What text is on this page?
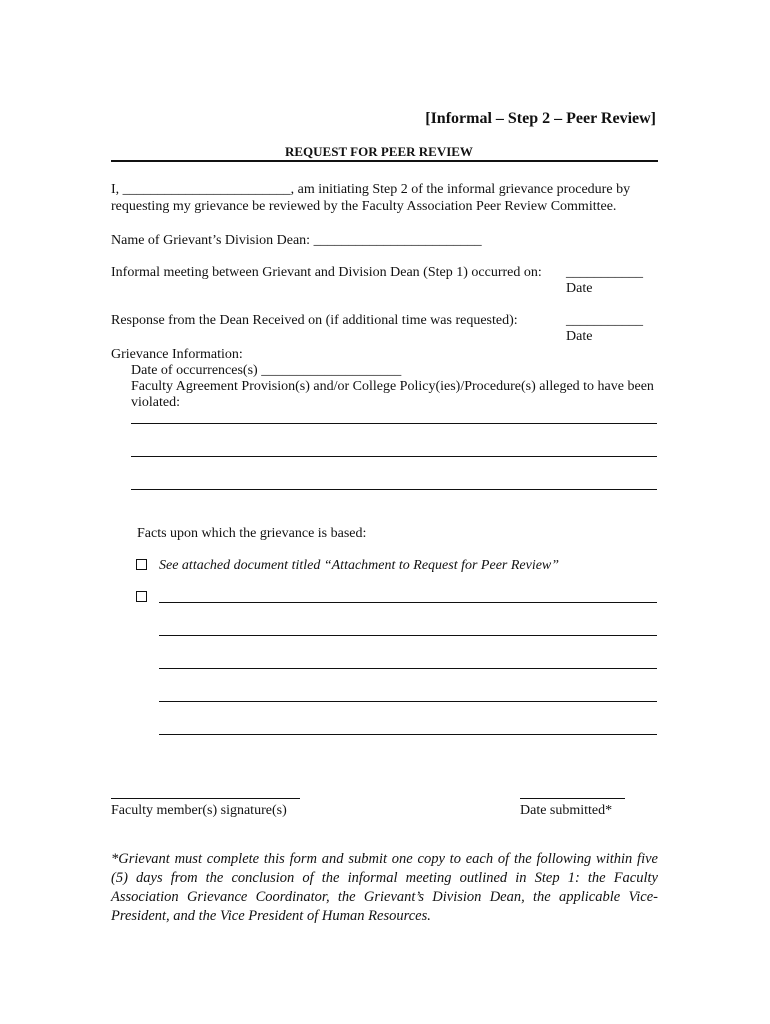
[Informal – Step 2 – Peer Review]
REQUEST FOR PEER REVIEW
I, ________________________, am initiating Step 2 of the informal grievance procedure by
requesting my grievance be reviewed by the Faculty Association Peer Review Committee.
Name of Grievant’s Division Dean: ________________________
Informal meeting between Grievant and Division Dean (Step 1) occurred on: ___________
Date
Response from the Dean Received on (if additional time was requested):	___________
Date
Grievance Information:
Date of occurrences(s) ____________________
Faculty Agreement Provision(s) and/or College Policy(ies)/Procedure(s) alleged to have been
violated:
Facts upon which the grievance is based:
See attached document titled “Attachment to Request for Peer Review”
Faculty member(s) signature(s)	Date submitted*
*Grievant must complete this form and submit one copy to each of the following within five (5) days from the conclusion of the informal meeting outlined in Step 1: the Faculty Association Grievance Coordinator, the Grievant’s Division Dean, the applicable Vice-President, and the Vice President of Human Resources.
